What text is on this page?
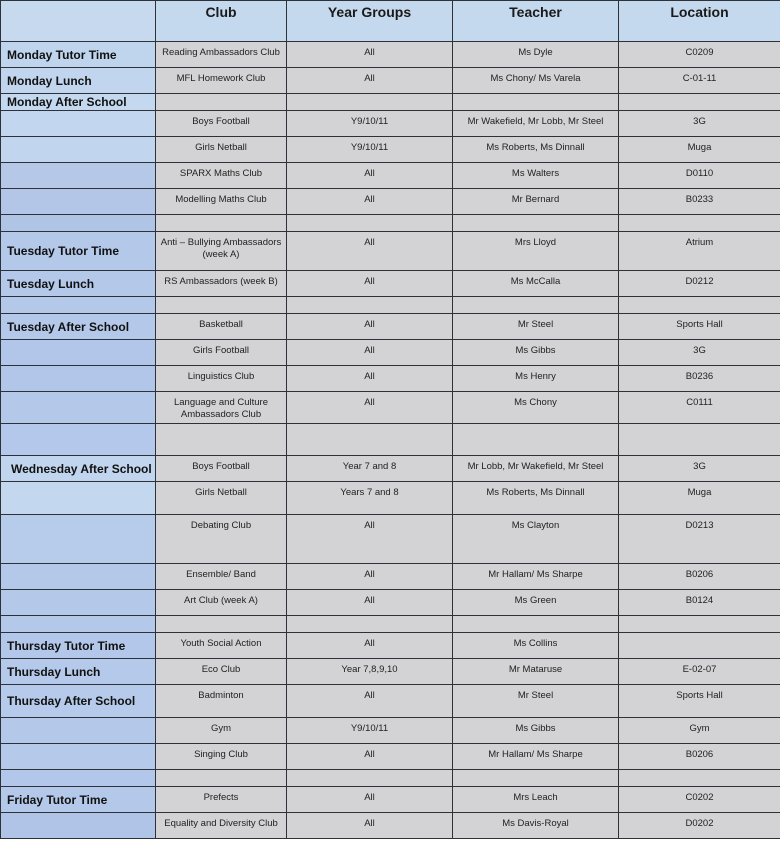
	Club	Year Groups	Teacher	Location
Monday Tutor Time	Reading Ambassadors Club	All	Ms Dyle	C0209
Monday Lunch	MFL Homework Club	All	Ms Chony/ Ms Varela	C-01-11
Monday After School				
	Boys Football	Y9/10/11	Mr Wakefield, Mr Lobb, Mr Steel	3G
	Girls Netball	Y9/10/11	Ms Roberts, Ms Dinnall	Muga
	SPARX Maths Club	All	Ms Walters	D0110
	Modelling Maths Club	All	Mr Bernard	B0233

Tuesday Tutor Time	Anti – Bullying Ambassadors (week A)	All	Mrs Lloyd	Atrium
Tuesday Lunch	RS Ambassadors (week B)	All	Ms McCalla	D0212

Tuesday After School	Basketball	All	Mr Steel	Sports Hall
	Girls Football	All	Ms Gibbs	3G
	Linguistics Club	All	Ms Henry	B0236
	Language and Culture Ambassadors Club	All	Ms Chony	C0111

Wednesday After School	Boys Football	Year 7 and 8	Mr Lobb, Mr Wakefield, Mr Steel	3G
	Girls Netball	Years 7 and 8	Ms Roberts, Ms Dinnall	Muga
	Debating Club	All	Ms Clayton	D0213
	Ensemble/ Band	All	Mr Hallam/ Ms Sharpe	B0206
	Art Club (week A)	All	Ms Green	B0124

Thursday Tutor Time	Youth Social Action	All	Ms Collins	
Thursday Lunch	Eco Club	Year 7,8,9,10	Mr Mataruse	E-02-07
Thursday After School	Badminton	All	Mr Steel	Sports Hall
	Gym	Y9/10/11	Ms Gibbs	Gym
	Singing Club	All	Mr Hallam/ Ms Sharpe	B0206

Friday Tutor Time	Prefects	All	Mrs Leach	C0202
	Equality and Diversity Club	All	Ms Davis-Royal	D0202
